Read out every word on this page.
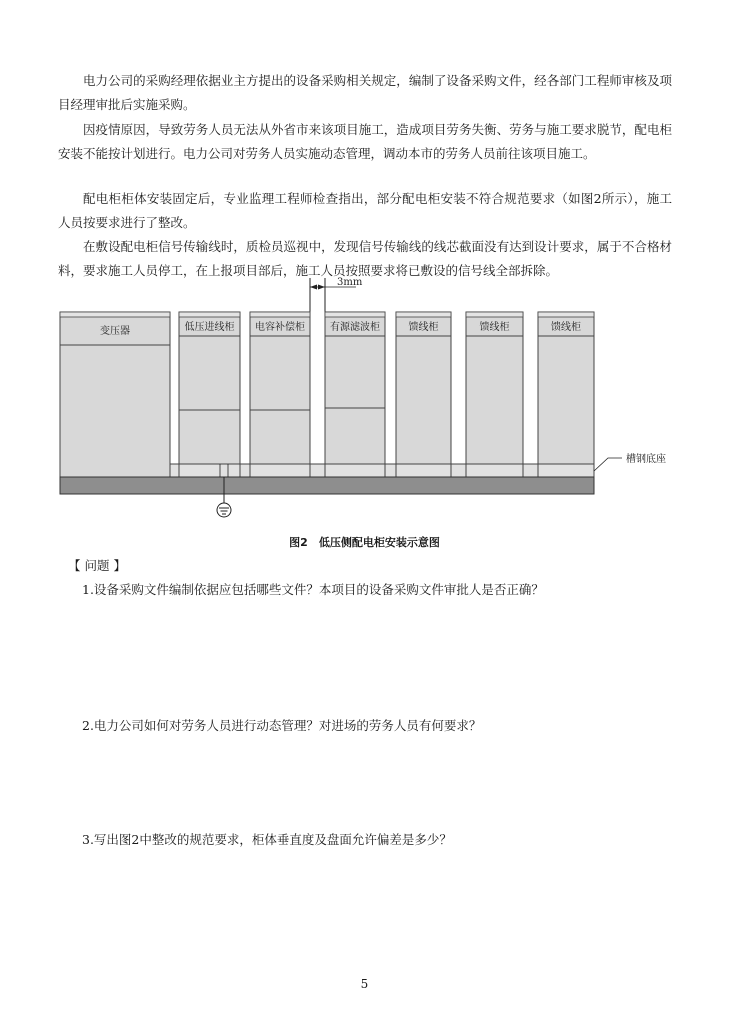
电力公司的采购经理依据业主方提出的设备采购相关规定，编制了设备采购文件，经各部门工程师审核及项目经理审批后实施采购。

因疫情原因，导致劳务人员无法从外省市来该项目施工，造成项目劳务失衡、劳务与施工要求脱节，配电柜安装不能按计划进行。电力公司对劳务人员实施动态管理，调动本市的劳务人员前往该项目施工。

配电柜柜体安装固定后，专业监理工程师检查指出，部分配电柜安装不符合规范要求（如图2所示），施工人员按要求进行了整改。

在敷设配电柜信号传输线时，质检员巡视中，发现信号传输线的线芯截面没有达到设计要求，属于不合格材料，要求施工人员停工，在上报项目部后，施工人员按照要求将已敷设的信号线全部拆除。

3mm
变压器	低压进线柜 电容补偿柜	有源滤波柜	馈线柜	馈线柜	馈线柜
槽钢底座
图2　低压侧配电柜安装示意图
【 问题 】

1.设备采购文件编制依据应包括哪些文件？本项目的设备采购文件审批人是否正确？

2.电力公司如何对劳务人员进行动态管理？对进场的劳务人员有何要求？

3.写出图2中整改的规范要求，柜体垂直度及盘面允许偏差是多少？

5
